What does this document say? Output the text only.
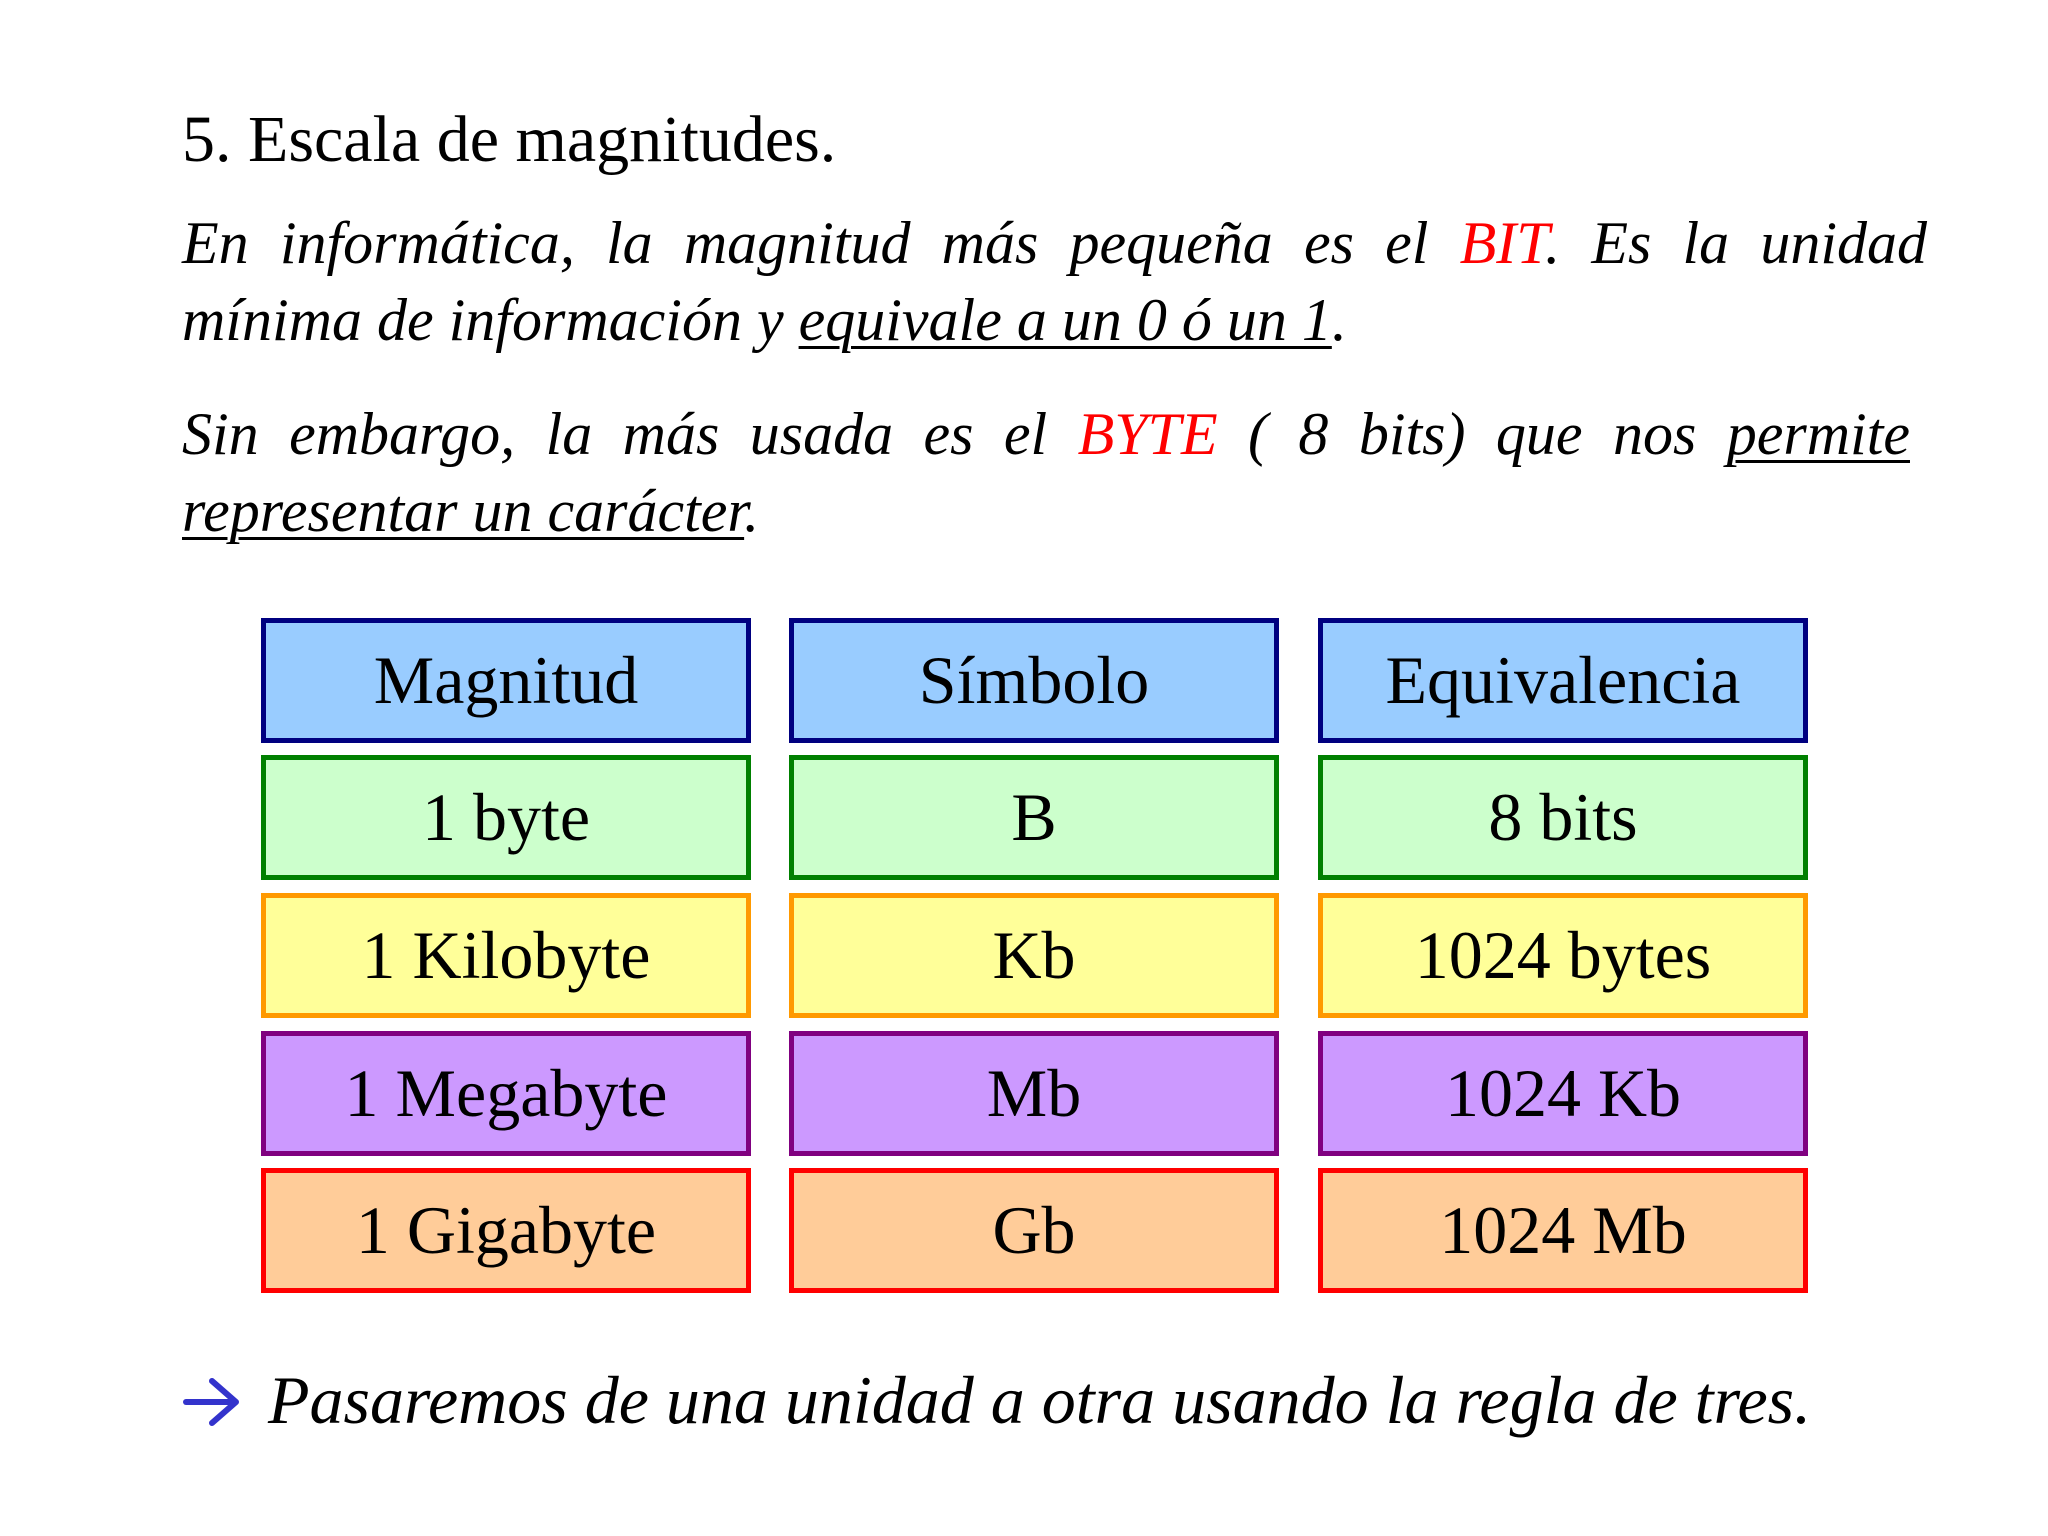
5. Escala de magnitudes.
En informática, la magnitud más pequeña es el BIT. Es la unidad mínima de información y equivale a un 0 ó un 1.
Sin embargo, la más usada es el BYTE ( 8 bits) que nos permite representar un carácter.
Magnitud	Símbolo	Equivalencia
1 byte	B	8 bits
1 Kilobyte	Kb	1024 bytes
1 Megabyte	Mb	1024 Kb
1 Gigabyte	Gb	1024 Mb
Pasaremos de una unidad a otra usando la regla de tres.
